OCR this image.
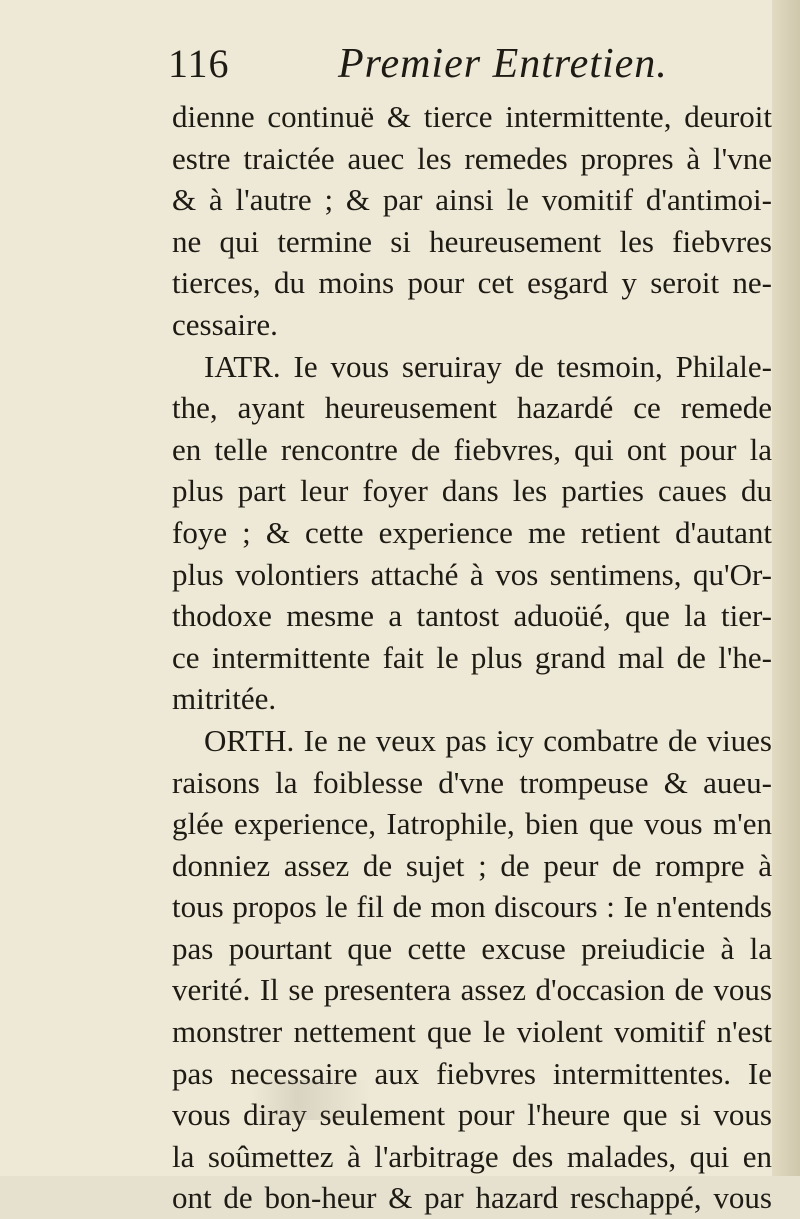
116	Premier Entretien.
dienne continuë & tierce intermittente, deuroit
estre traictée auec les remedes propres à l'vne
& à l'autre ; & par ainsi le vomitif d'antimoi-
ne qui termine si heureusement les fiebvres
tierces, du moins pour cet esgard y seroit ne-
cessaire.
IATR. Ie vous seruiray de tesmoin, Philale-
the, ayant heureusement hazardé ce remede
en telle rencontre de fiebvres, qui ont pour la
plus part leur foyer dans les parties caues du
foye ; & cette experience me retient d'autant
plus volontiers attaché à vos sentimens, qu'Or-
thodoxe mesme a tantost aduoüé, que la tier-
ce intermittente fait le plus grand mal de l'he-
mitritée.
ORTH. Ie ne veux pas icy combatre de viues
raisons la foiblesse d'vne trompeuse & aueu-
glée experience, Iatrophile, bien que vous m'en
donniez assez de sujet ; de peur de rompre à
tous propos le fil de mon discours : Ie n'entends
pas pourtant que cette excuse preiudicie à la
verité. Il se presentera assez d'occasion de vous
monstrer nettement que le violent vomitif n'est
pas necessaire aux fiebvres intermittentes. Ie
vous diray seulement pour l'heure que si vous
la soûmettez à l'arbitrage des malades, qui en
ont de bon-heur & par hazard reschappé, vous
